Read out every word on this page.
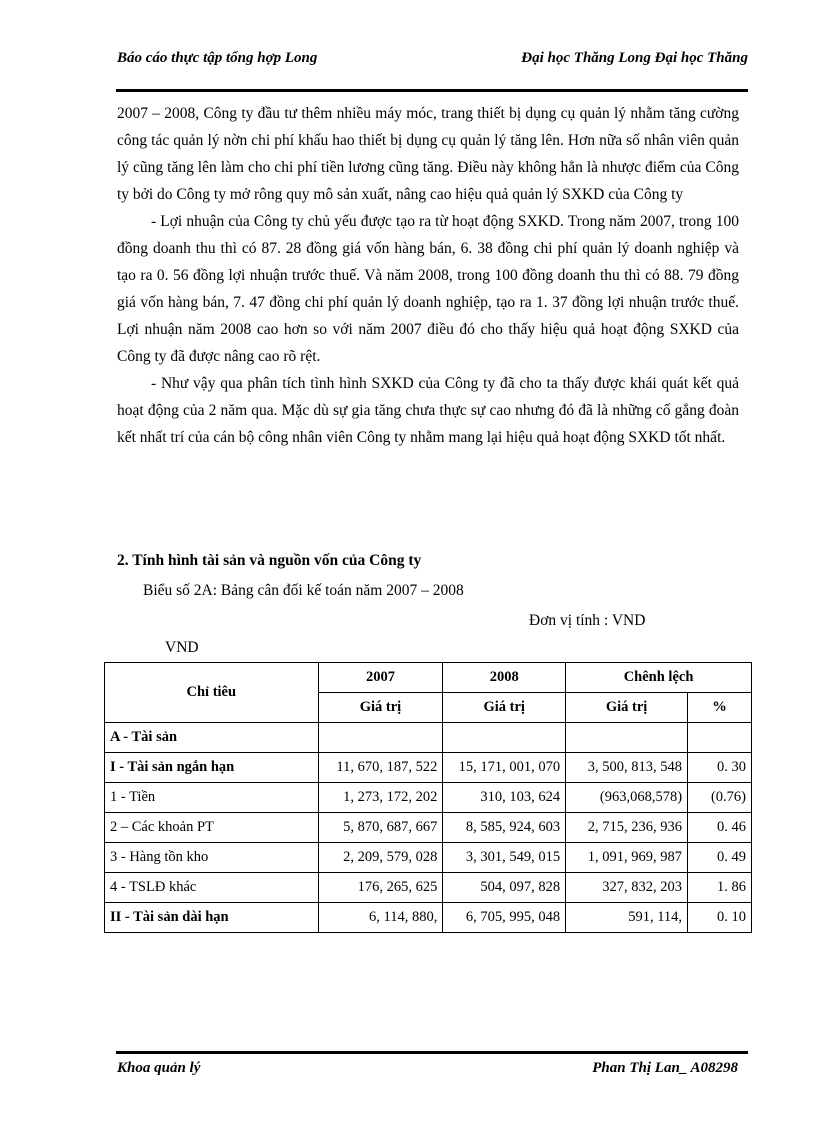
Báo cáo thực tập tổng hợp Long	Đại học Thăng Long Đại học Thăng

2007 – 2008, Công ty đầu tư thêm nhiều máy móc, trang thiết bị dụng cụ quản lý nhằm tăng cường công tác quản lý nờn chi phí khấu hao thiết bị dụng cụ quản lý tăng lên. Hơn nữa số nhân viên quản lý cũng tăng lên làm cho chi phí tiền lương cũng tăng. Điều này không hẳn là nhược điểm của Công ty bởi do Công ty mở rông quy mô sản xuất, nâng cao hiệu quả quản lý SXKD của Công ty

- Lợi nhuận của Công ty chủ yếu được tạo ra từ hoạt động SXKD. Trong năm 2007, trong 100 đồng doanh thu thì có 87. 28 đồng giá vốn hàng bán, 6. 38 đồng chi phí quản lý doanh nghiệp và tạo ra 0. 56 đồng lợi nhuận trước thuế. Và năm 2008, trong 100 đồng doanh thu thì có 88. 79 đồng giá vốn hàng bán, 7. 47 đồng chi phí quản lý doanh nghiệp, tạo ra 1. 37 đồng lợi nhuận trước thuế. Lợi nhuận năm 2008 cao hơn so với năm 2007 điều đó cho thấy hiệu quả hoạt động SXKD của Công ty đã được nâng cao rõ rệt.

- Như vậy qua phân tích tình hình SXKD của Công ty đã cho ta thấy được khái quát kết quả hoạt động của 2 năm qua. Mặc dù sự gia tăng chưa thực sự cao nhưng đó đã là những cố gắng đoàn kết nhất trí của cán bộ công nhân viên Công ty nhằm mang lại hiệu quả hoạt động SXKD tốt nhất.

2. Tính hình tài sản và nguồn vốn của Công ty
Biểu số 2A: Bảng cân đối kế toán năm 2007 – 2008
Đơn vị tính : VND
VND
Chỉ tiêu	2007	2008	Chênh lệch	
	Giá trị	Giá trị	Giá trị	%
A - Tài sản				
I - Tài sản ngắn hạn	11, 670, 187, 522	15, 171, 001, 070	3, 500, 813, 548	0. 30
1 - Tiền	1, 273, 172, 202	310, 103, 624	(963,068,578)	(0.76)
2 – Các khoản PT	5, 870, 687, 667	8, 585, 924, 603	2, 715, 236, 936	0. 46
3 - Hàng tồn kho	2, 209, 579, 028	3, 301, 549, 015	1, 091, 969, 987	0. 49
4 - TSLĐ khác	176, 265, 625	504, 097, 828	327, 832, 203	1. 86
II - Tài sản dài hạn	6, 114, 880,	6, 705, 995, 048	591, 114,	0. 10
Khoa quản lý	Phan Thị Lan_ A08298
